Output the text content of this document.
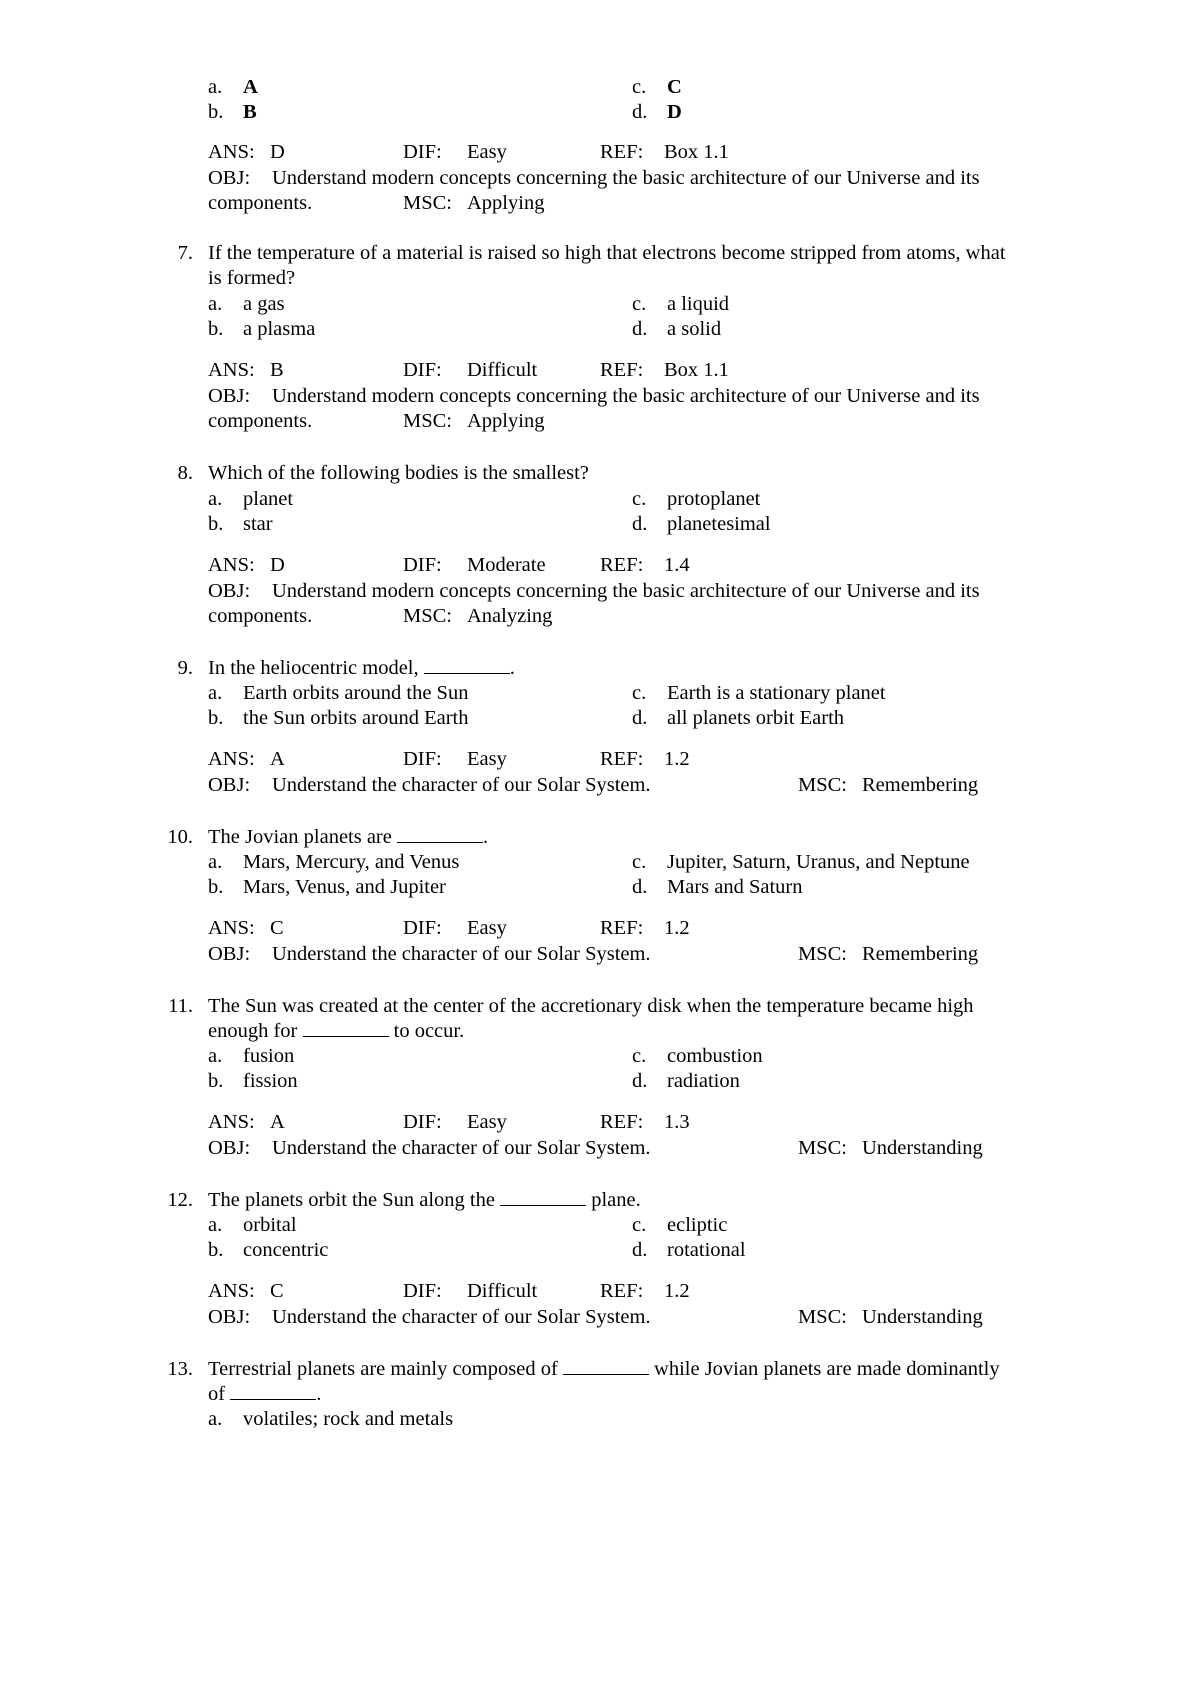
a. A	c. C
b. B	d. D
ANS: D	DIF: Easy	REF: Box 1.1
OBJ: Understand modern concepts concerning the basic architecture of our Universe and its
components.	MSC: Applying
7. If the temperature of a material is raised so high that electrons become stripped from atoms, what
is formed?
a. a gas	c. a liquid
b. a plasma	d. a solid
ANS: B	DIF: Difficult	REF: Box 1.1
OBJ: Understand modern concepts concerning the basic architecture of our Universe and its
components.	MSC: Applying
8. Which of the following bodies is the smallest?
a. planet	c. protoplanet
b. star	d. planetesimal
ANS: D	DIF: Moderate	REF: 1.4
OBJ: Understand modern concepts concerning the basic architecture of our Universe and its
components.	MSC: Analyzing
9. In the heliocentric model,	.
a. Earth orbits around the Sun	c. Earth is a stationary planet
b. the Sun orbits around Earth	d. all planets orbit Earth
ANS: A	DIF: Easy	REF: 1.2
OBJ: Understand the character of our Solar System.	MSC: Remembering
10. The Jovian planets are	.
a. Mars, Mercury, and Venus	c. Jupiter, Saturn, Uranus, and Neptune
b. Mars, Venus, and Jupiter	d. Mars and Saturn
ANS: C	DIF: Easy	REF: 1.2
OBJ: Understand the character of our Solar System.	MSC: Remembering
11. The Sun was created at the center of the accretionary disk when the temperature became high
enough for	to occur.
a. fusion	c. combustion
b. fission	d. radiation
ANS: A	DIF: Easy	REF: 1.3
OBJ: Understand the character of our Solar System.	MSC: Understanding
12. The planets orbit the Sun along the	plane.
a. orbital	c. ecliptic
b. concentric	d. rotational
ANS: C	DIF: Difficult	REF: 1.2
OBJ: Understand the character of our Solar System.	MSC: Understanding
13. Terrestrial planets are mainly composed of	while Jovian planets are made dominantly
of	.
a. volatiles; rock and metals
